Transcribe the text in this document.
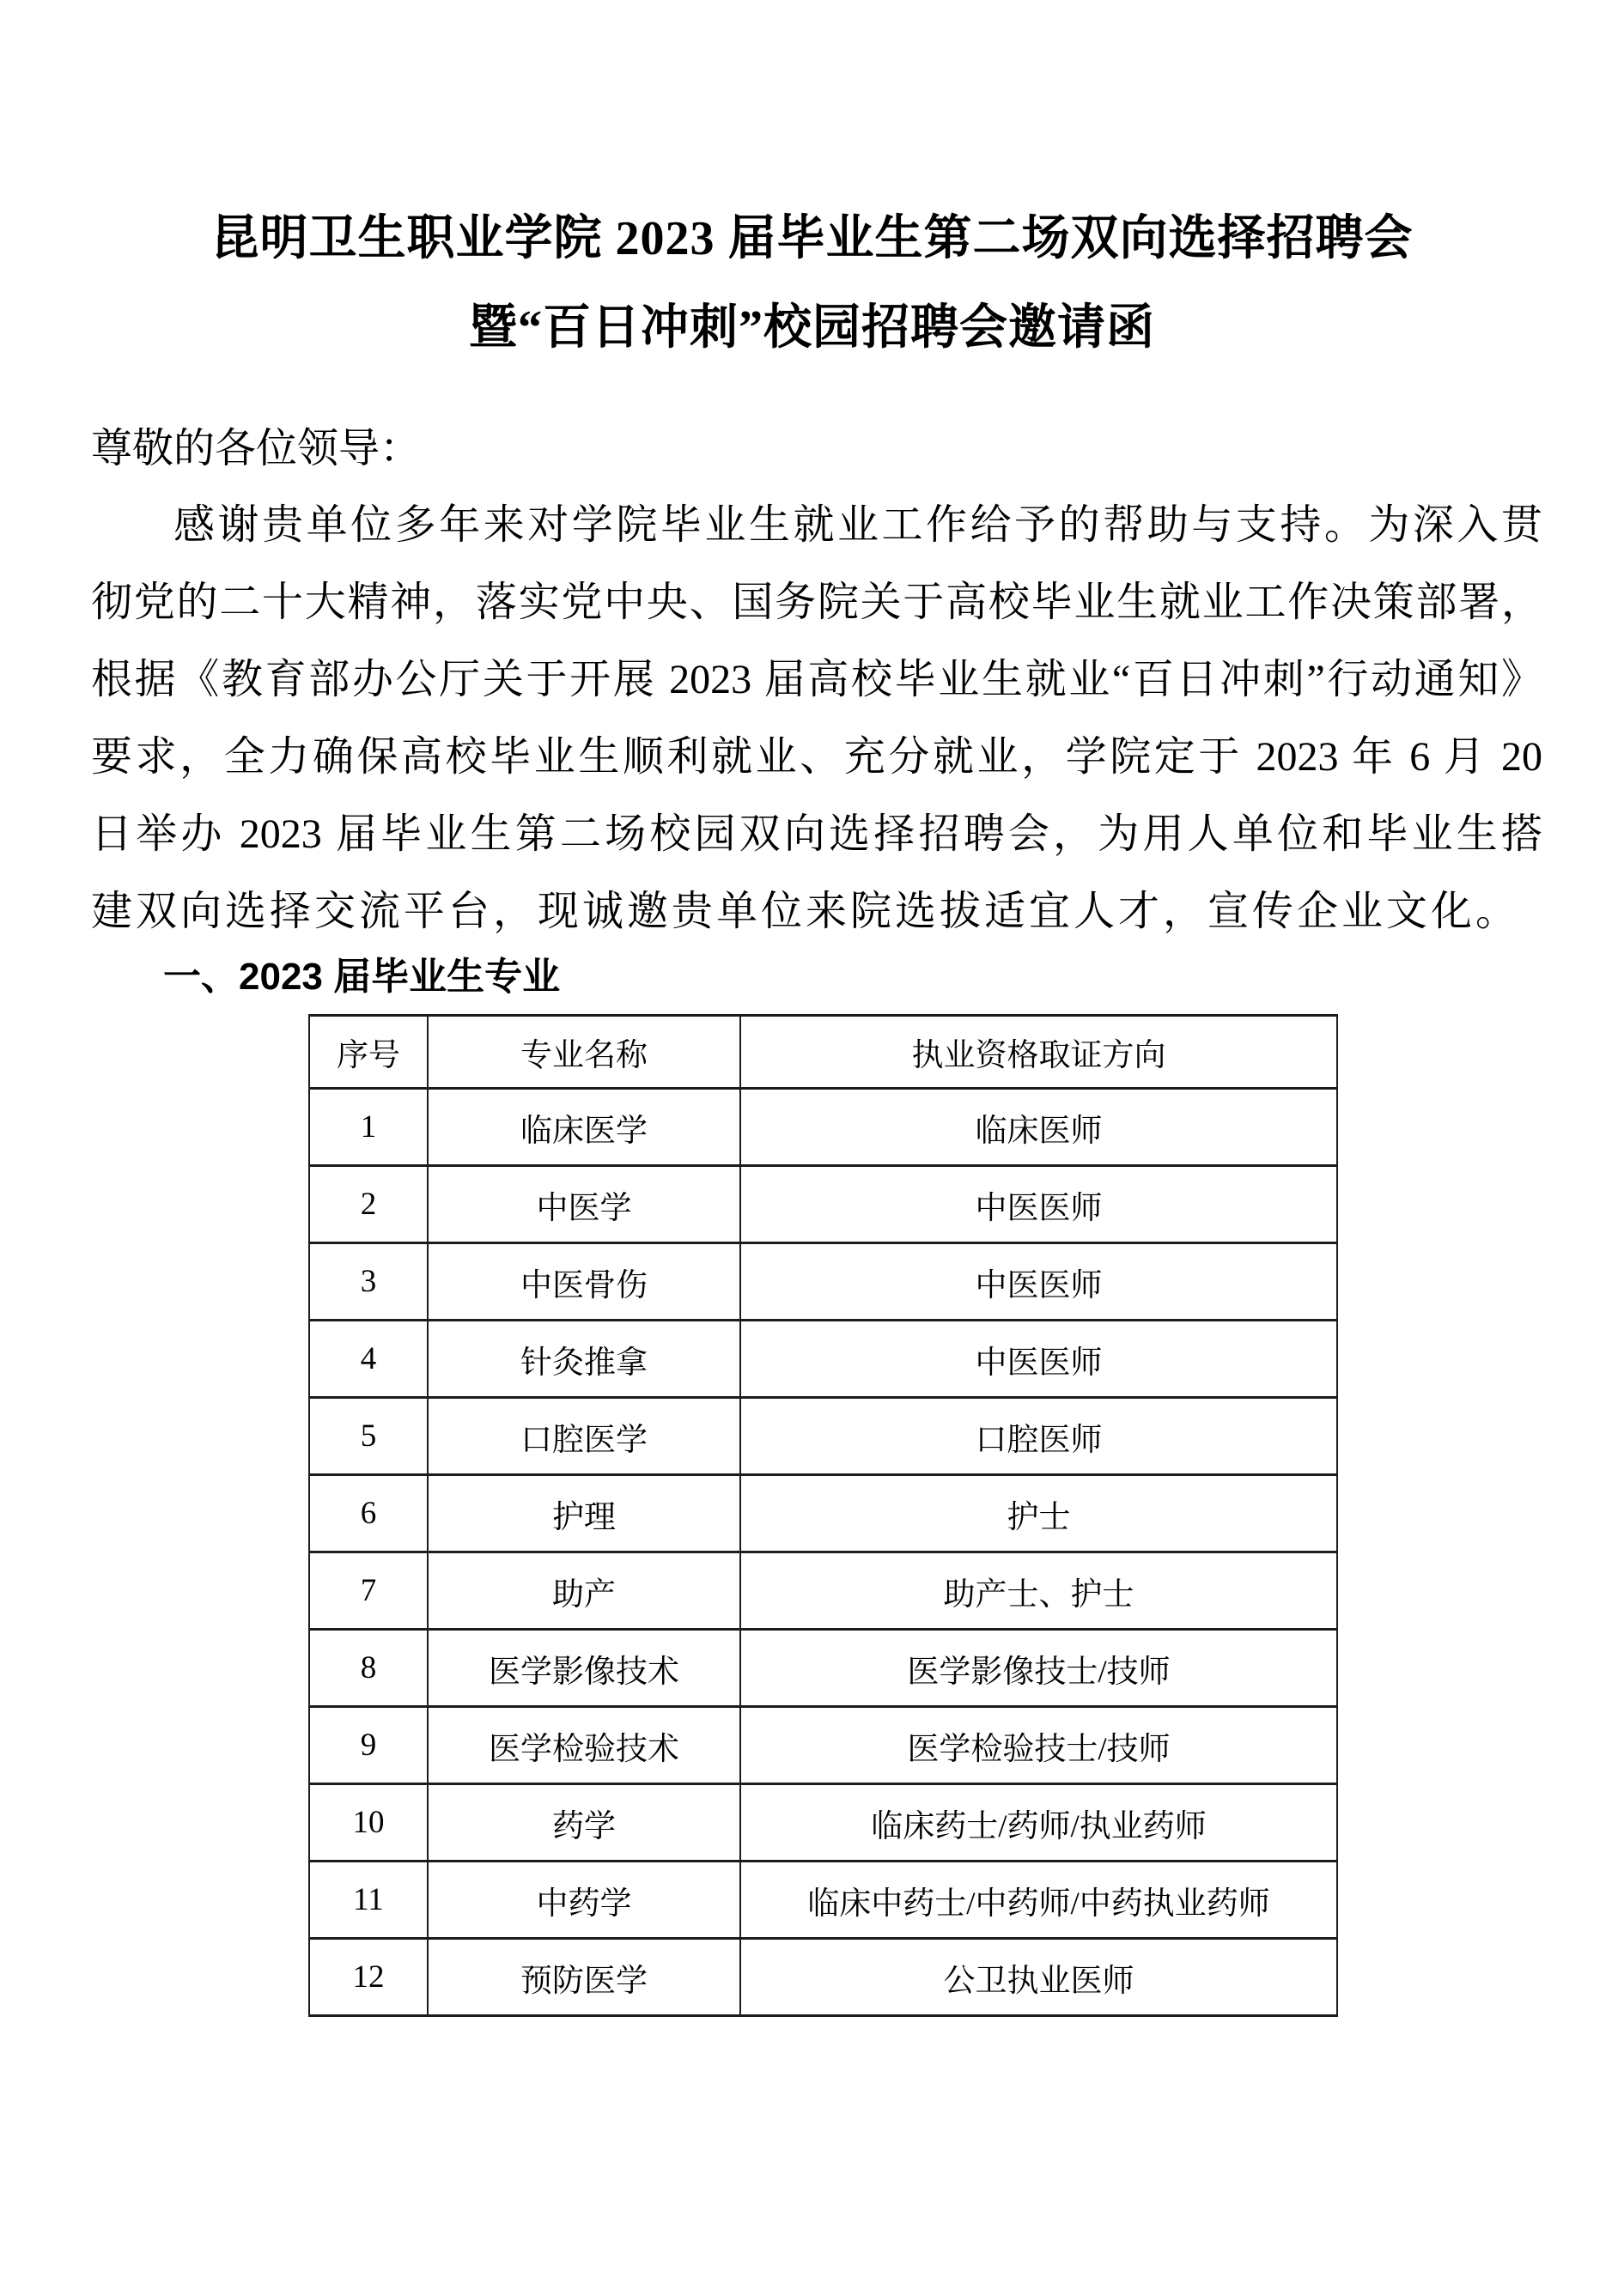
昆明卫生职业学院 2023 届毕业生第二场双向选择招聘会
暨“百日冲刺”校园招聘会邀请函

尊敬的各位领导：

感谢贵单位多年来对学院毕业生就业工作给予的帮助与支持。为深入贯

彻党的二十大精神，落实党中央、国务院关于高校毕业生就业工作决策部署，

根据《教育部办公厅关于开展 2023 届高校毕业生就业“百日冲刺”行动通知》

要求，全力确保高校毕业生顺利就业、充分就业，学院定于 2023 年 6 月 20

日举办 2023 届毕业生第二场校园双向选择招聘会，为用人单位和毕业生搭

建双向选择交流平台，现诚邀贵单位来院选拔适宜人才，宣传企业文化。

一、2023 届毕业生专业
序号	专业名称	执业资格取证方向
1	临床医学	临床医师
2	中医学	中医医师
3	中医骨伤	中医医师
4	针灸推拿	中医医师
5	口腔医学	口腔医师
6	护理	护士
7	助产	助产士、护士
8	医学影像技术	医学影像技士/技师
9	医学检验技术	医学检验技士/技师
10	药学	临床药士/药师/执业药师
11	中药学	临床中药士/中药师/中药执业药师
12	预防医学	公卫执业医师
